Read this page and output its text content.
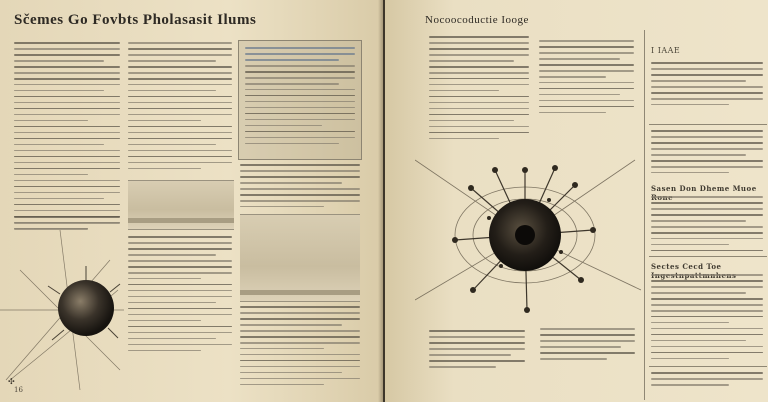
Sčemes Go Fovbts Pholasasit Ilums
✣
16
Nocoocoductie Iooge
I IAAE
Sasen Don Dheme Muoe
Sectes Cecd Toe
